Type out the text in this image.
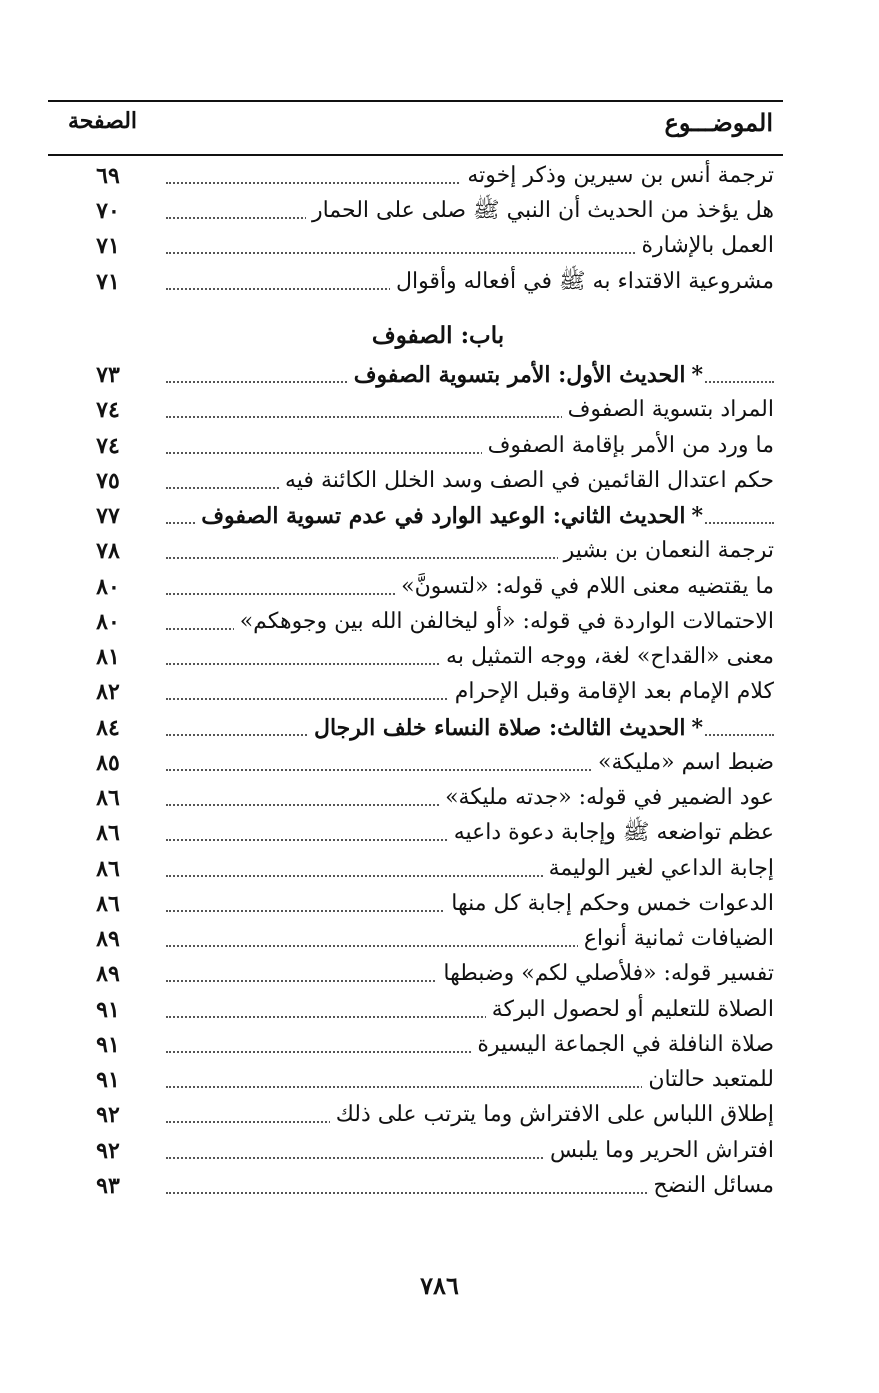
الموضـــوع
الصفحة
ترجمة أنس بن سيرين وذكر إخوته
٦٩
هل يؤخذ من الحديث أن النبي ﷺ صلى على الحمار
٧٠
العمل بالإشارة
٧١
مشروعية الاقتداء به ﷺ في أفعاله وأقوال
٧١
باب: الصفوف
*الحديث الأول: الأمر بتسوية الصفوف
٧٣
المراد بتسوية الصفوف
٧٤
ما ورد من الأمر بإقامة الصفوف
٧٤
حكم اعتدال القائمين في الصف وسد الخلل الكائنة فيه
٧٥
*الحديث الثاني: الوعيد الوارد في عدم تسوية الصفوف
٧٧
ترجمة النعمان بن بشير
٧٨
ما يقتضيه معنى اللام في قوله: «لتسونَّ»
٨٠
الاحتمالات الواردة في قوله: «أو ليخالفن الله بين وجوهكم»
٨٠
معنى «القداح» لغة، ووجه التمثيل به
٨١
كلام الإمام بعد الإقامة وقبل الإحرام
٨٢
*الحديث الثالث: صلاة النساء خلف الرجال
٨٤
ضبط اسم «مليكة»
٨٥
عود الضمير في قوله: «جدته مليكة»
٨٦
عظم تواضعه ﷺ وإجابة دعوة داعيه
٨٦
إجابة الداعي لغير الوليمة
٨٦
الدعوات خمس وحكم إجابة كل منها
٨٦
الضيافات ثمانية أنواع
٨٩
تفسير قوله: «فلأصلي لكم» وضبطها
٨٩
الصلاة للتعليم أو لحصول البركة
٩١
صلاة النافلة في الجماعة اليسيرة
٩١
للمتعبد حالتان
٩١
إطلاق اللباس على الافتراش وما يترتب على ذلك
٩٢
افتراش الحرير وما يلبس
٩٢
مسائل النضح
٩٣
٧٨٦
